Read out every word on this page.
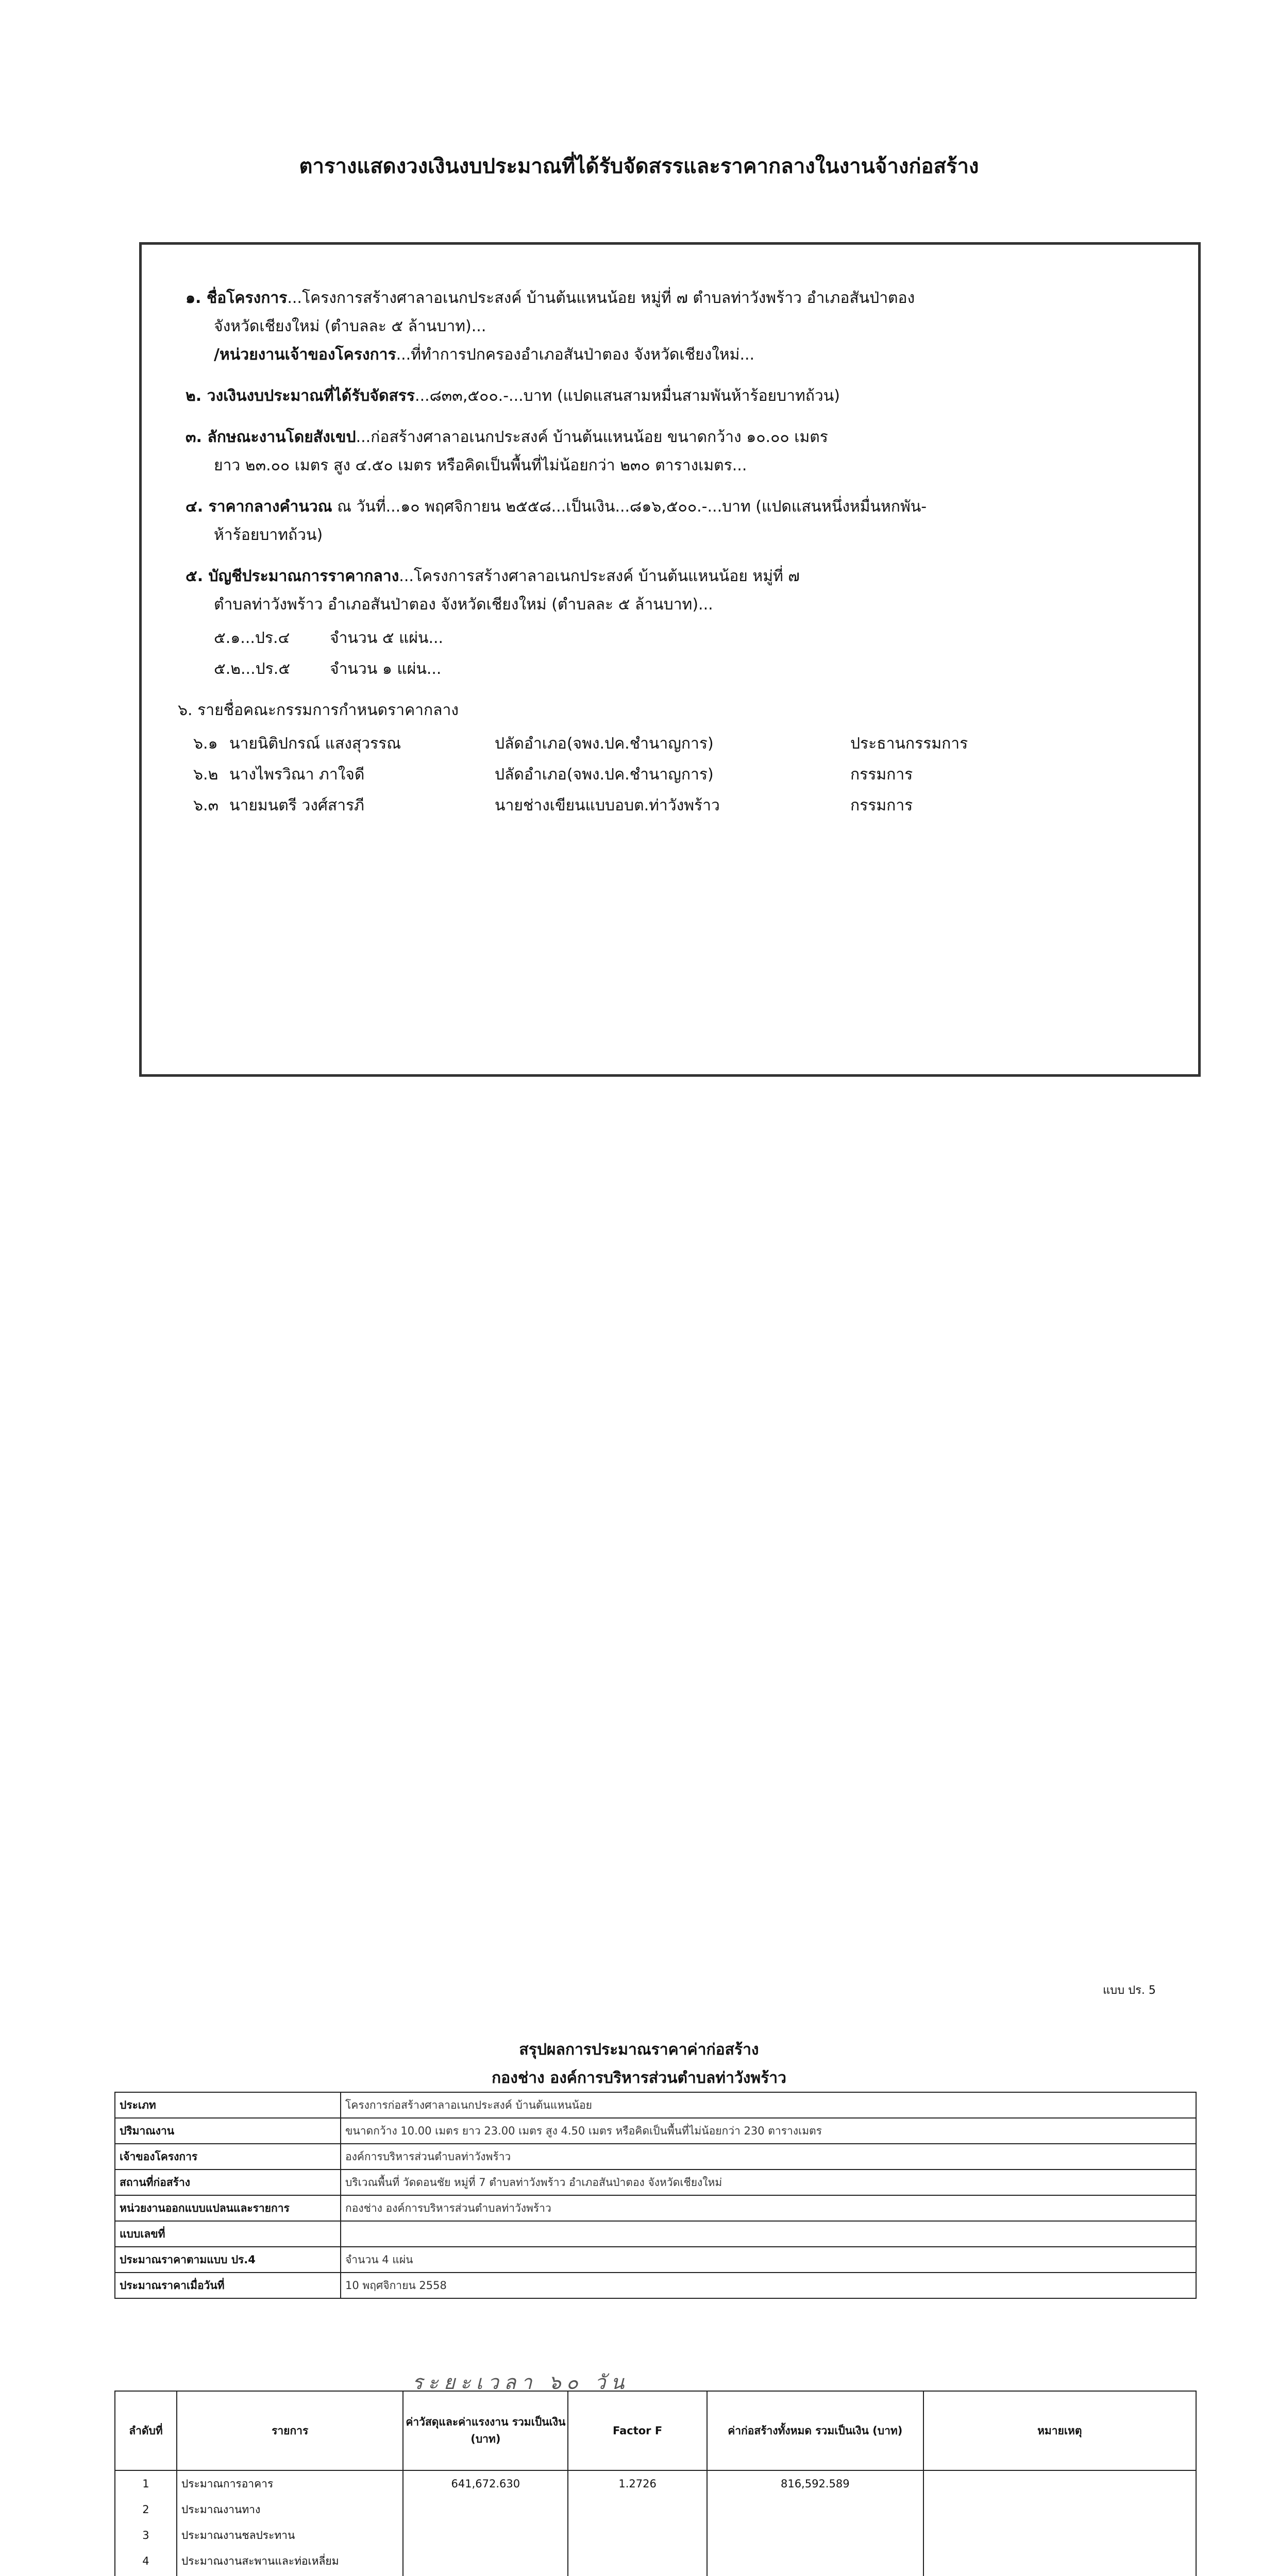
ตารางแสดงวงเงินงบประมาณที่ได้รับจัดสรรและราคากลางในงานจ้างก่อสร้าง
๑. ชื่อโครงการ...โครงการสร้างศาลาอเนกประสงค์ บ้านต้นแหนน้อย หมู่ที่ ๗ ตำบลท่าวังพร้าว อำเภอสันป่าตอง
จังหวัดเชียงใหม่ (ตำบลละ ๕ ล้านบาท)...
/หน่วยงานเจ้าของโครงการ...ที่ทำการปกครองอำเภอสันป่าตอง จังหวัดเชียงใหม่...
๒. วงเงินงบประมาณที่ได้รับจัดสรร...๘๓๓,๕๐๐.-...บาท (แปดแสนสามหมื่นสามพันห้าร้อยบาทถ้วน)
๓. ลักษณะงานโดยสังเขป...ก่อสร้างศาลาอเนกประสงค์ บ้านต้นแหนน้อย ขนาดกว้าง ๑๐.๐๐ เมตร
ยาว ๒๓.๐๐ เมตร สูง ๔.๕๐ เมตร หรือคิดเป็นพื้นที่ไม่น้อยกว่า ๒๓๐ ตารางเมตร...
๔. ราคากลางคำนวณ ณ วันที่...๑๐ พฤศจิกายน ๒๕๕๘...เป็นเงิน...๘๑๖,๕๐๐.-...บาท (แปดแสนหนึ่งหมื่นหกพัน-
ห้าร้อยบาทถ้วน)
๕. บัญชีประมาณการราคากลาง...โครงการสร้างศาลาอเนกประสงค์ บ้านต้นแหนน้อย หมู่ที่ ๗
ตำบลท่าวังพร้าว อำเภอสันป่าตอง จังหวัดเชียงใหม่ (ตำบลละ ๕ ล้านบาท)...
๕.๑...ปร.๔	จำนวน ๕ แผ่น...
๕.๒...ปร.๕	จำนวน ๑ แผ่น...
๖. รายชื่อคณะกรรมการกำหนดราคากลาง
๖.๑ นายนิติปกรณ์ แสงสุวรรณ	ปลัดอำเภอ(จพง.ปค.ชำนาญการ)	ประธานกรรมการ
๖.๒ นางไพรวิณา ภาใจดี	ปลัดอำเภอ(จพง.ปค.ชำนาญการ)	กรรมการ
๖.๓ นายมนตรี วงศ์สารภี	นายช่างเขียนแบบอบต.ท่าวังพร้าว	กรรมการ
แบบ ปร. 5
สรุปผลการประมาณราคาค่าก่อสร้าง
กองช่าง องค์การบริหารส่วนตำบลท่าวังพร้าว
ประเภท	โครงการก่อสร้างศาลาอเนกประสงค์ บ้านต้นแหนน้อย
ปริมาณงาน	ขนาดกว้าง 10.00 เมตร ยาว 23.00 เมตร สูง 4.50 เมตร หรือคิดเป็นพื้นที่ไม่น้อยกว่า 230 ตารางเมตร
เจ้าของโครงการ	องค์การบริหารส่วนตำบลท่าวังพร้าว
สถานที่ก่อสร้าง	บริเวณพื้นที่ วัดดอนชัย หมู่ที่ 7 ตำบลท่าวังพร้าว อำเภอสันป่าตอง จังหวัดเชียงใหม่
หน่วยงานออกแบบแปลนและรายการ	กองช่าง องค์การบริหารส่วนตำบลท่าวังพร้าว
แบบเลขที่	
ประมาณราคาตามแบบ ปร.4	จำนวน 4 แผ่น
ประมาณราคาเมื่อวันที่	10 พฤศจิกายน 2558
ระยะเวลา ๖๐ วัน
ลำดับที่	รายการ	ค่าวัสดุและค่าแรงงาน รวมเป็นเงิน (บาท)	Factor F	ค่าก่อสร้างทั้งหมด รวมเป็นเงิน (บาท)	หมายเหตุ
1	ประมาณการอาคาร	641,672.630	1.2726	816,592.589	
2	ประมาณงานทาง				
3	ประมาณงานชลประทาน				
4	ประมาณงานสะพานและท่อเหลี่ยม				
